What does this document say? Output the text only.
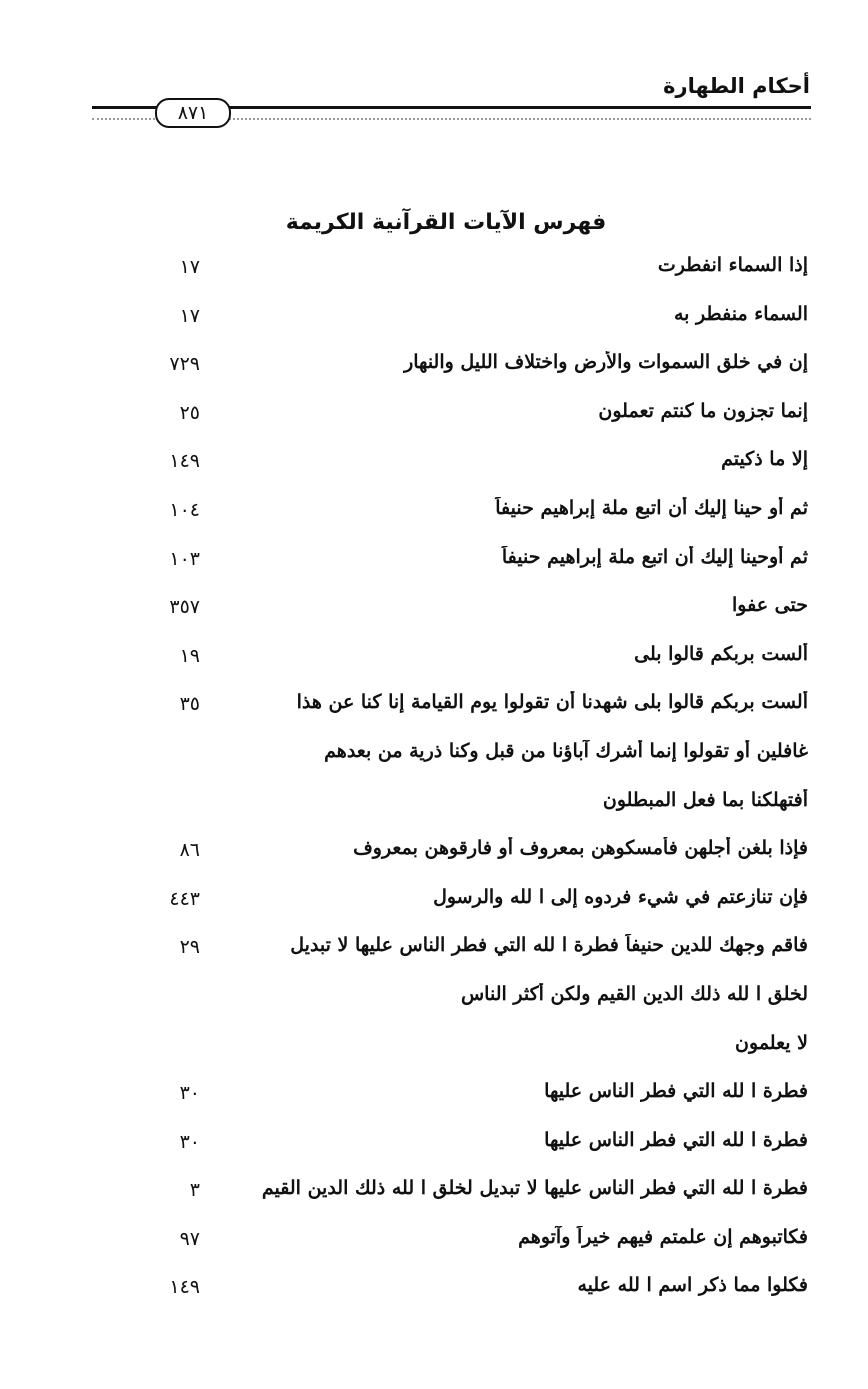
أحكام الطهارة
٨٧١
فهرس الآيات القرآنية الكريمة
إذا السماء انفطرت
١٧
السماء منفطر به
١٧
إن في خلق السموات والأرض واختلاف الليل والنهار
٧٢٩
إنما تجزون ما كنتم تعملون
٢٥
إلا ما ذكيتم
١٤٩
ثم أو حينا إليك أن اتبع ملة إبراهيم حنيفاً
١٠٤
ثم أوحينا إليك أن اتبع ملة إبراهيم حنيفاً
١٠٣
حتى عفوا
٣٥٧
ألست بربكم قالوا بلى
١٩
ألست بربكم قالوا بلى شهدنا أن تقولوا يوم القيامة إنا كنا عن هذا
٣٥
غافلين أو تقولوا إنما أشرك آباؤنا من قبل وكنا ذرية من بعدهم
أفتهلكنا بما فعل المبطلون
فإذا بلغن أجلهن فأمسكوهن بمعروف أو فارقوهن بمعروف
٨٦
فإن تنازعتم في شيء فردوه إلى ا لله والرسول
٤٤٣
فاقم وجهك للدين حنيفاً فطرة ا لله التي فطر الناس عليها لا تبديل
٢٩
لخلق ا لله ذلك الدين القيم ولكن أكثر الناس
لا يعلمون
فطرة ا لله التي فطر الناس عليها
٣٠
فطرة ا لله التي فطر الناس عليها
٣٠
فطرة ا لله التي فطر الناس عليها لا تبديل لخلق ا لله ذلك الدين القيم
٣
فكاتبوهم إن علمتم فيهم خيراً وآتوهم
٩٧
فكلوا مما ذكر اسم ا لله عليه
١٤٩
